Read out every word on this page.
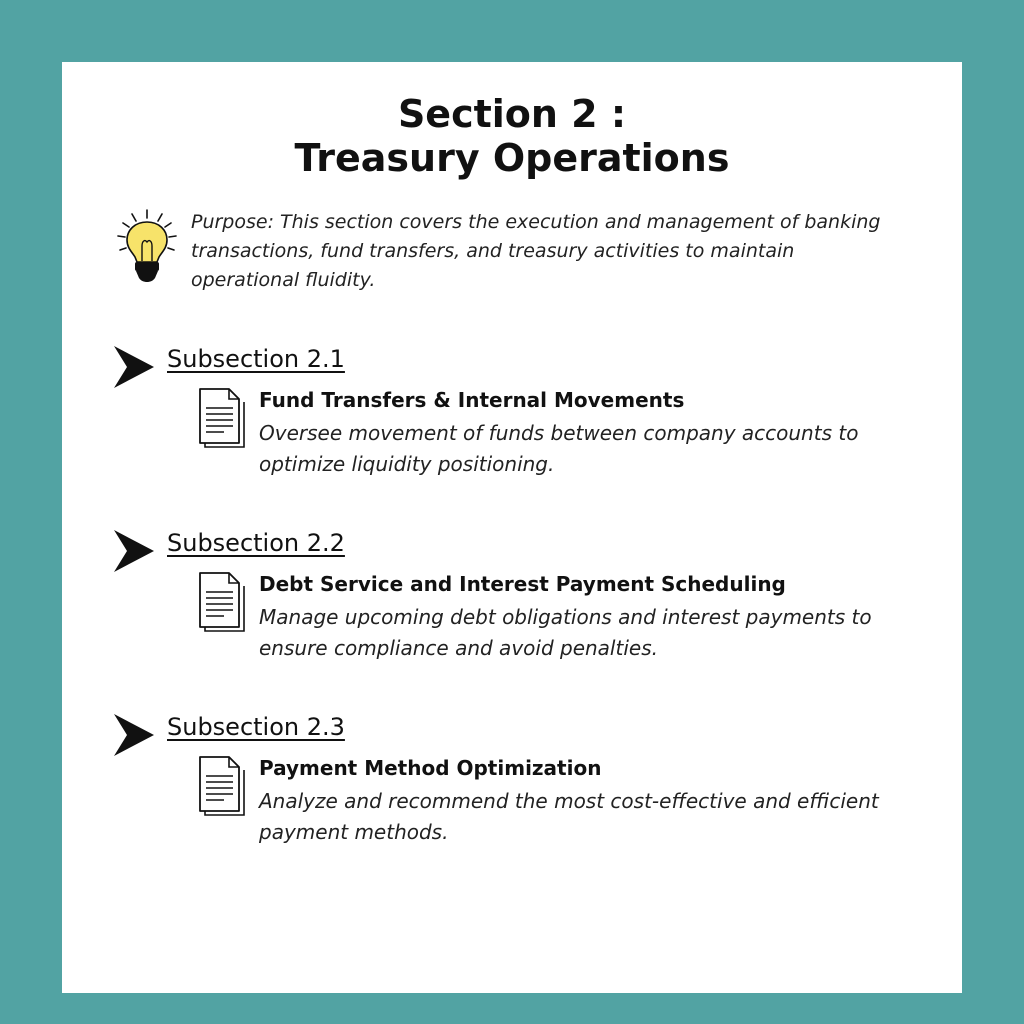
Section 2 :
Treasury Operations

Purpose: This section covers the execution and management of banking transactions, fund transfers, and treasury activities to maintain operational fluidity.

Subsection 2.1
Fund Transfers & Internal Movements

Oversee movement of funds between company accounts to optimize liquidity positioning.

Subsection 2.2
Debt Service and Interest Payment Scheduling

Manage upcoming debt obligations and interest payments to ensure compliance and avoid penalties.

Subsection 2.3
Payment Method Optimization

Analyze and recommend the most cost-effective and efficient payment methods.
